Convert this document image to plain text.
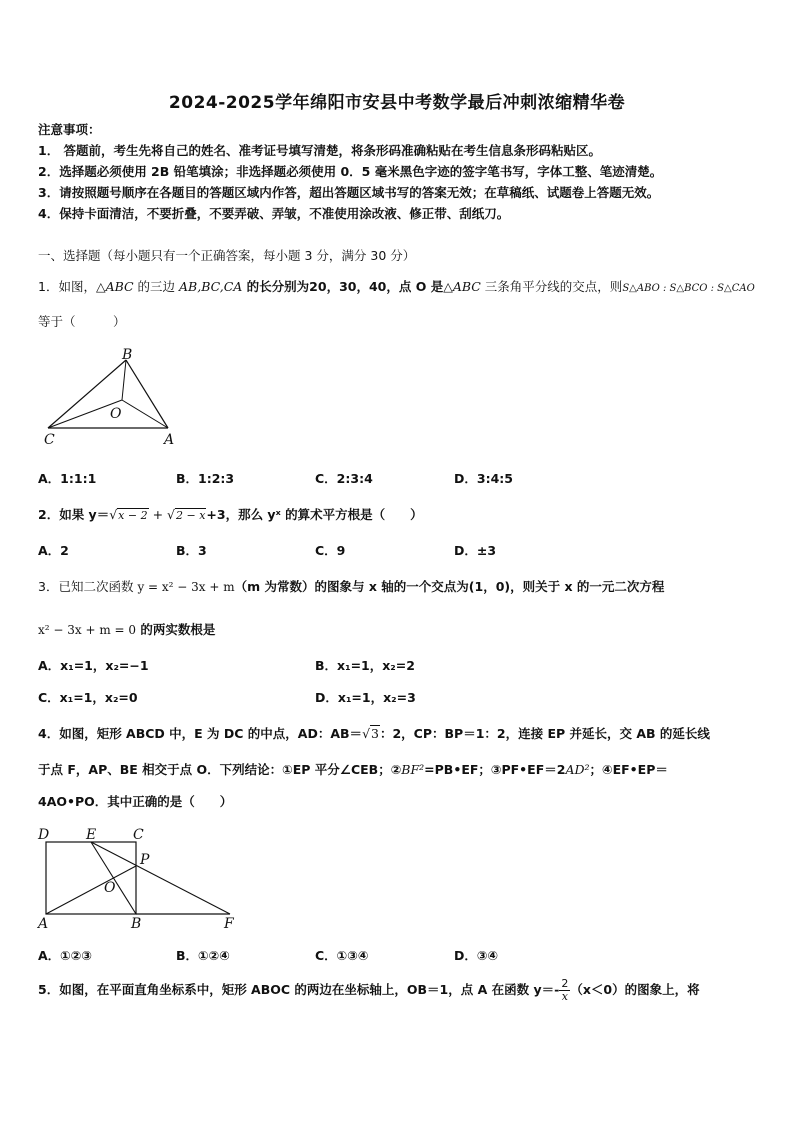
2024-2025学年绵阳市安县中考数学最后冲刺浓缩精华卷
注意事项：
1． 答题前，考生先将自己的姓名、准考证号填写清楚，将条形码准确粘贴在考生信息条形码粘贴区。
2．选择题必须使用 2B 铅笔填涂；非选择题必须使用 0．5 毫米黑色字迹的签字笔书写，字体工整、笔迹清楚。
3．请按照题号顺序在各题目的答题区域内作答，超出答题区域书写的答案无效；在草稿纸、试题卷上答题无效。
4．保持卡面清洁，不要折叠，不要弄破、弄皱，不准使用涂改液、修正带、刮纸刀。
一、选择题（每小题只有一个正确答案，每小题 3 分，满分 30 分）
1．如图，△ABC 的三边 AB,BC,CA 的长分别为20，30，40，点 O 是△ABC 三条角平分线的交点，则S△ABO : S△BCO : S△CAO
等于（　　　）
B
O
C	A
A．1:1:1	B．1:2:3	C．2:3:4	D．3:4:5
2．如果 y＝√x − 2 + √2 − x+3，那么 yˣ 的算术平方根是（　　）
A．2	B．3	C．9	D．±3
3．已知二次函数 y = x² − 3x + m（m 为常数）的图象与 x 轴的一个交点为(1，0)，则关于 x 的一元二次方程
x² − 3x + m = 0 的两实数根是
A．x₁=1，x₂=−1	B．x₁=1，x₂=2
C．x₁=1，x₂=0	D．x₁=1，x₂=3
4．如图，矩形 ABCD 中，E 为 DC 的中点，AD：AB＝√3：2，CP：BP＝1：2，连接 EP 并延长，交 AB 的延长线
于点 F，AP、BE 相交于点 O．下列结论：①EP 平分∠CEB；②BF²=PB•EF；③PF•EF＝2AD²；④EF•EP＝
4AO•PO．其中正确的是（　　）
D	E	C
P
O
A	B	F
A．①②③	B．①②④	C．①③④	D．③④
5．如图，在平面直角坐标系中，矩形 ABOC 的两边在坐标轴上，OB＝1，点 A 在函数 $y=- \frac{2}{x} (x<0)$的图象上，将
